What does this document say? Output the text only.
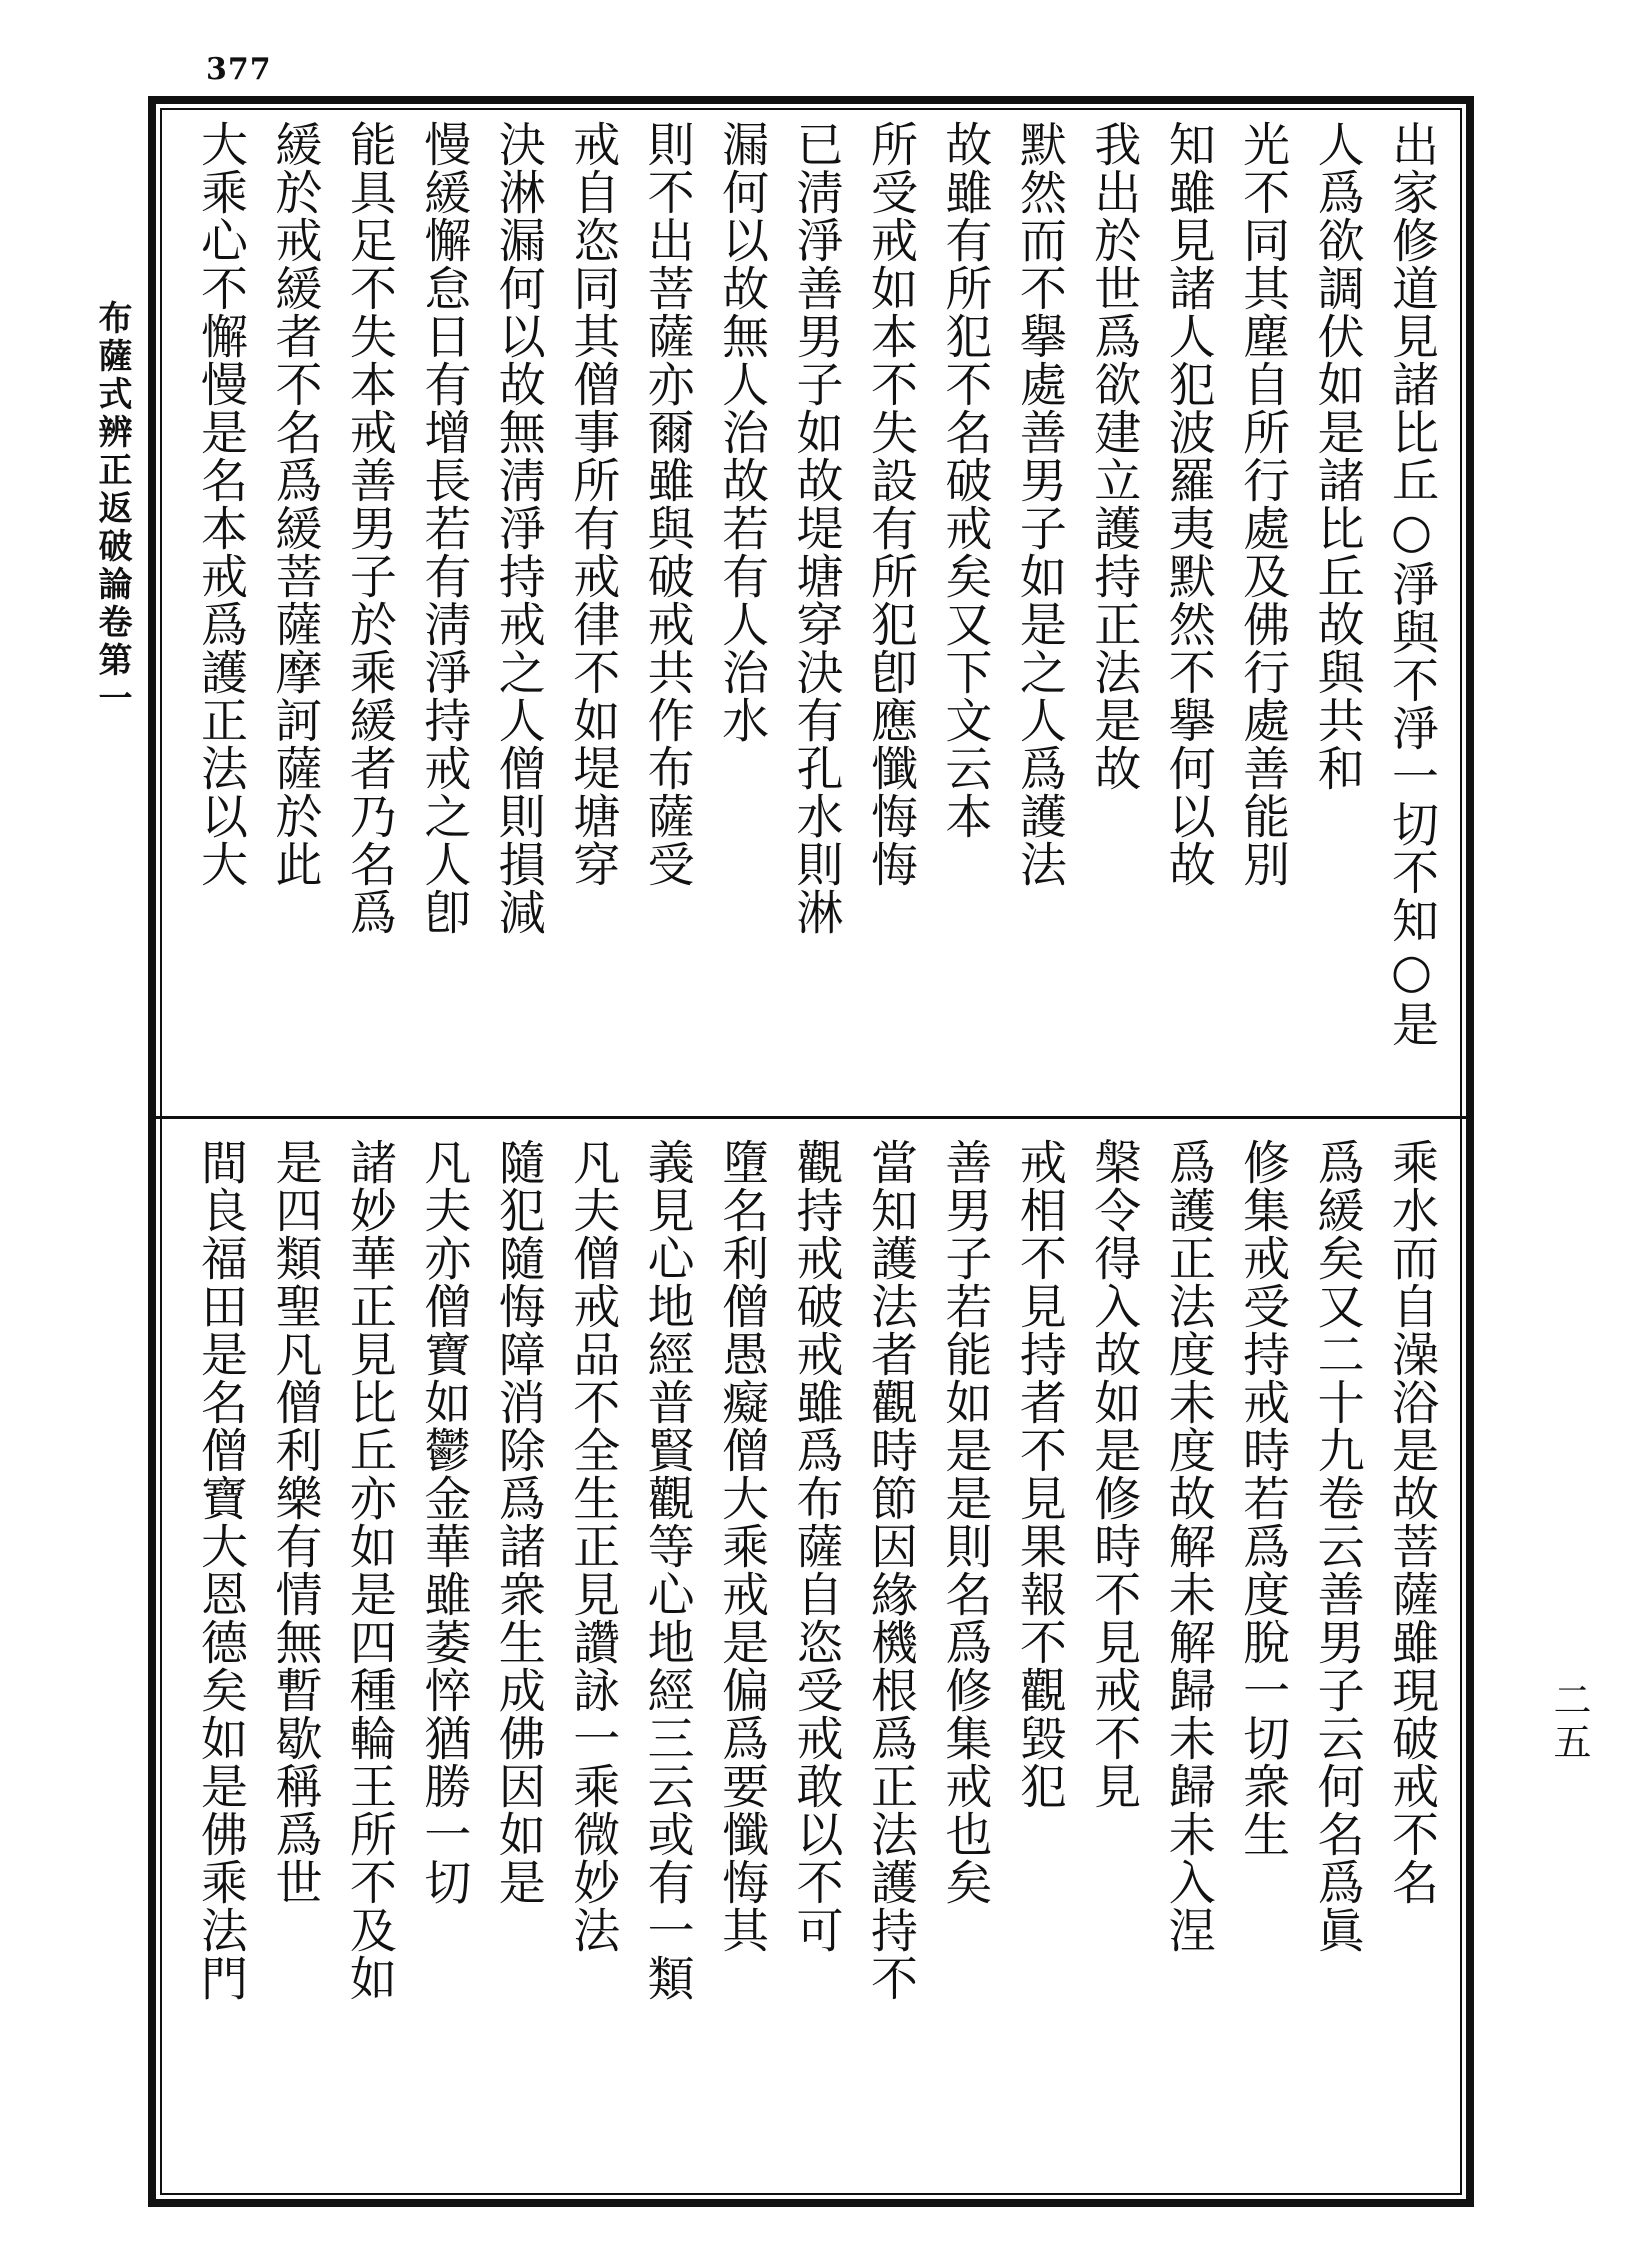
377
布薩式辨正返破論卷第一
二五
出家修道見諸比丘○淨與不淨一切不知○是
人爲欲調伏如是諸比丘故與共和
光不同其塵自所行處及佛行處善能別
知雖見諸人犯波羅夷默然不擧何以故
我出於世爲欲建立護持正法是故
默然而不擧處善男子如是之人爲護法
故雖有所犯不名破戒矣又下文云本
所受戒如本不失設有所犯卽應懺悔悔
已淸淨善男子如故堤塘穿決有孔水則淋
漏何以故無人治故若有人治水
則不出菩薩亦爾雖與破戒共作布薩受
戒自恣同其僧事所有戒律不如堤塘穿
決淋漏何以故無淸淨持戒之人僧則損減
慢緩懈怠日有增長若有淸淨持戒之人卽
能具足不失本戒善男子於乘緩者乃名爲
緩於戒緩者不名爲緩菩薩摩訶薩於此
大乘心不懈慢是名本戒爲護正法以大
乘水而自澡浴是故菩薩雖現破戒不名
爲緩矣又二十九卷云善男子云何名爲眞
修集戒受持戒時若爲度脫一切衆生
爲護正法度未度故解未解歸未歸未入涅
槃令得入故如是修時不見戒不見
戒相不見持者不見果報不觀毀犯
善男子若能如是是則名爲修集戒也矣
當知護法者觀時節因緣機根爲正法護持不
觀持戒破戒雖爲布薩自恣受戒敢以不可
墮名利僧愚癡僧大乘戒是偏爲要懺悔其
義見心地經普賢觀等心地經三云或有一類
凡夫僧戒品不全生正見讚詠一乘微妙法
隨犯隨悔障消除爲諸衆生成佛因如是
凡夫亦僧寶如鬱金華雖萎悴猶勝一切
諸妙華正見比丘亦如是四種輪王所不及如
是四類聖凡僧利樂有情無暫歇稱爲世
間良福田是名僧寶大恩德矣如是佛乘法門
